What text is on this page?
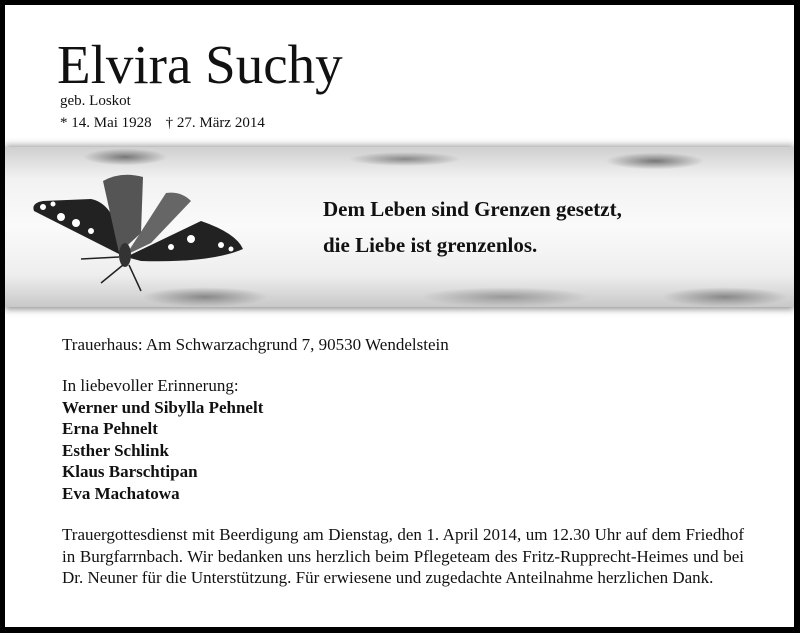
Elvira Suchy
geb. Loskot
* 14. Mai 1928 † 27. März 2014
Dem Leben sind Grenzen gesetzt,
die Liebe ist grenzenlos.
Trauerhaus: Am Schwarzachgrund 7, 90530 Wendelstein
In liebevoller Erinnerung:
Werner und Sibylla Pehnelt
Erna Pehnelt
Esther Schlink
Klaus Barschtipan
Eva Machatowa
Trauergottesdienst mit Beerdigung am Dienstag, den 1. April 2014, um 12.30 Uhr auf dem Friedhof in Burgfarrnbach. Wir bedanken uns herzlich beim Pflegeteam des Fritz-Rupprecht-Heimes und bei Dr. Neuner für die Unterstützung. Für erwiesene und zugedachte Anteilnahme herzlichen Dank.
